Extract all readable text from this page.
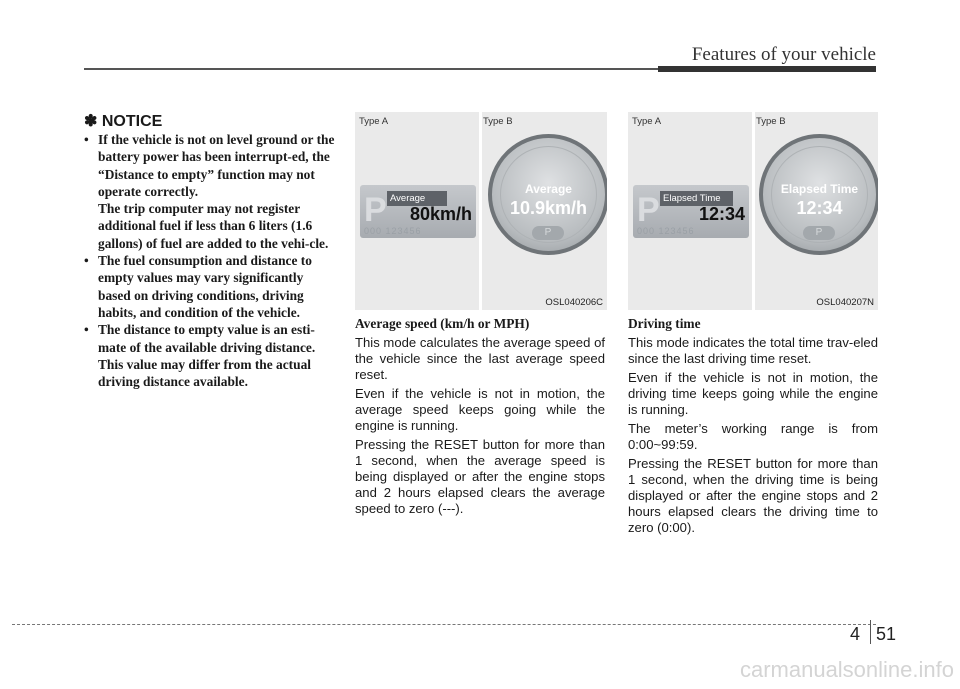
Features of your vehicle
✽ NOTICE
• If the vehicle is not on level ground or the battery power has been interrupt-ed, the “Distance to empty” function may not operate correctly.
The trip computer may not register additional fuel if less than 6 liters (1.6 gallons) of fuel are added to the vehi-cle.
• The fuel consumption and distance to empty values may vary significantly based on driving conditions, driving habits, and condition of the vehicle.
• The distance to empty value is an esti-mate of the available driving distance. This value may differ from the actual driving distance available.
Type A	Type B
P Average
80km/h
000 123456
Average
10.9km/h
P
OSL040206C
Type A	Type B
P Elapsed Time
12:34
000 123456
Elapsed Time
12:34
P
OSL040207N
Average speed (km/h or MPH)

This mode calculates the average speed of the vehicle since the last average speed reset.

Even if the vehicle is not in motion, the average speed keeps going while the engine is running.

Pressing the RESET button for more than 1 second, when the average speed is being displayed or after the engine stops and 2 hours elapsed clears the average speed to zero (---).

Driving time

This mode indicates the total time trav-eled since the last driving time reset.

Even if the vehicle is not in motion, the driving time keeps going while the engine is running.

The meter’s working range is from 0:00~99:59.

Pressing the RESET button for more than 1 second, when the driving time is being displayed or after the engine stops and 2 hours elapsed clears the driving time to zero (0:00).

4 51
carmanualsonline.info
